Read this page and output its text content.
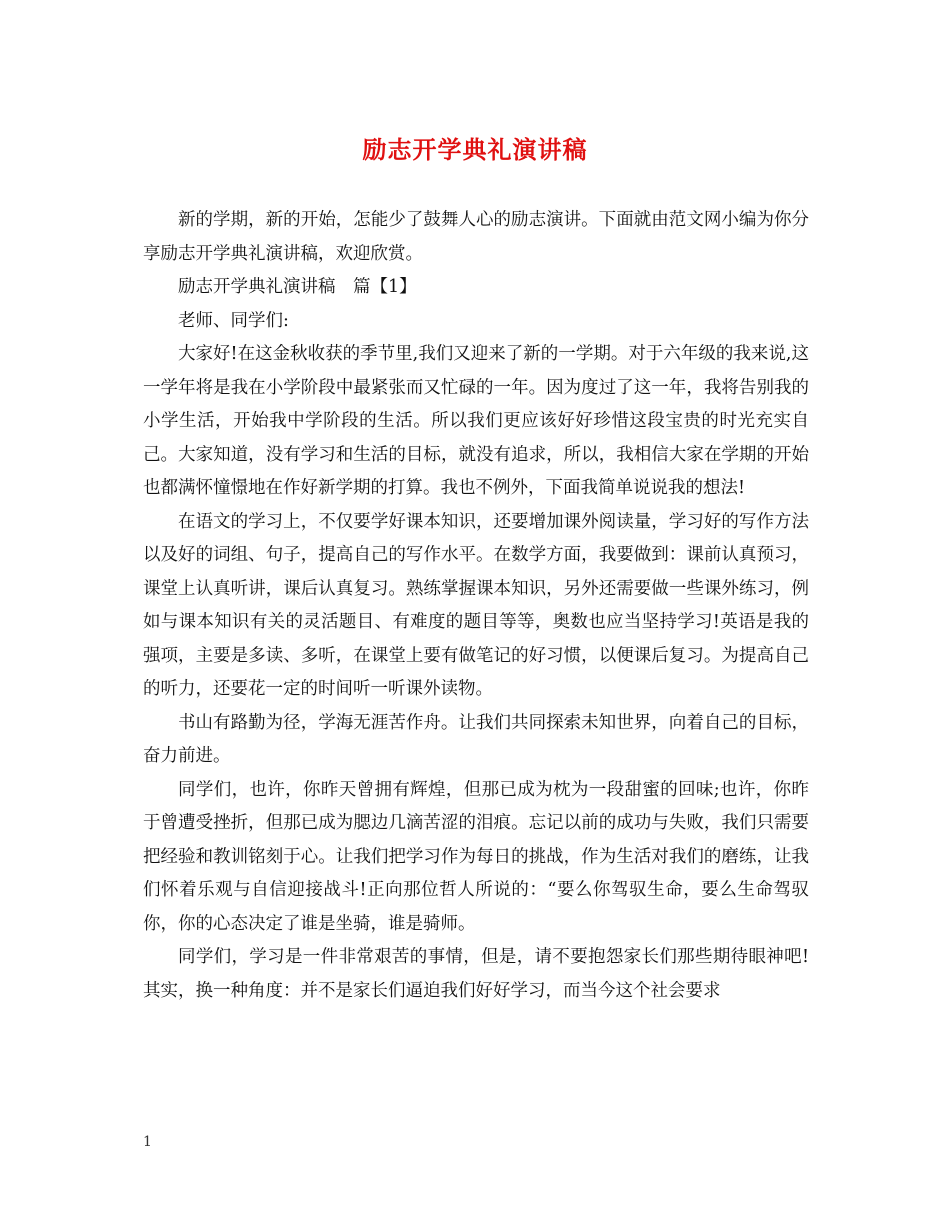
励志开学典礼演讲稿

新的学期，新的开始，怎能少了鼓舞人心的励志演讲。下面就由范文网小编为你分享励志开学典礼演讲稿，欢迎欣赏。

励志开学典礼演讲稿　篇【1】

老师、同学们:

大家好!在这金秋收获的季节里,我们又迎来了新的一学期。对于六年级的我来说,这一学年将是我在小学阶段中最紧张而又忙碌的一年。因为度过了这一年，我将告别我的小学生活，开始我中学阶段的生活。所以我们更应该好好珍惜这段宝贵的时光充实自己。大家知道，没有学习和生活的目标，就没有追求，所以，我相信大家在学期的开始也都满怀憧憬地在作好新学期的打算。我也不例外，下面我简单说说我的想法!

在语文的学习上，不仅要学好课本知识，还要增加课外阅读量，学习好的写作方法以及好的词组、句子，提高自己的写作水平。在数学方面，我要做到：课前认真预习，课堂上认真听讲，课后认真复习。熟练掌握课本知识，另外还需要做一些课外练习，例如与课本知识有关的灵活题目、有难度的题目等等，奥数也应当坚持学习!英语是我的强项，主要是多读、多听，在课堂上要有做笔记的好习惯，以便课后复习。为提高自己的听力，还要花一定的时间听一听课外读物。

书山有路勤为径，学海无涯苦作舟。让我们共同探索未知世界，向着自己的目标，奋力前进。

同学们，也许，你昨天曾拥有辉煌，但那已成为枕为一段甜蜜的回味;也许，你昨于曾遭受挫折，但那已成为腮边几滴苦涩的泪痕。忘记以前的成功与失败，我们只需要把经验和教训铭刻于心。让我们把学习作为每日的挑战，作为生活对我们的磨练，让我们怀着乐观与自信迎接战斗!正向那位哲人所说的：“要么你驾驭生命，要么生命驾驭你，你的心态决定了谁是坐骑，谁是骑师。

同学们，学习是一件非常艰苦的事情，但是，请不要抱怨家长们那些期待眼神吧!其实，换一种角度：并不是家长们逼迫我们好好学习，而当今这个社会要求

1
